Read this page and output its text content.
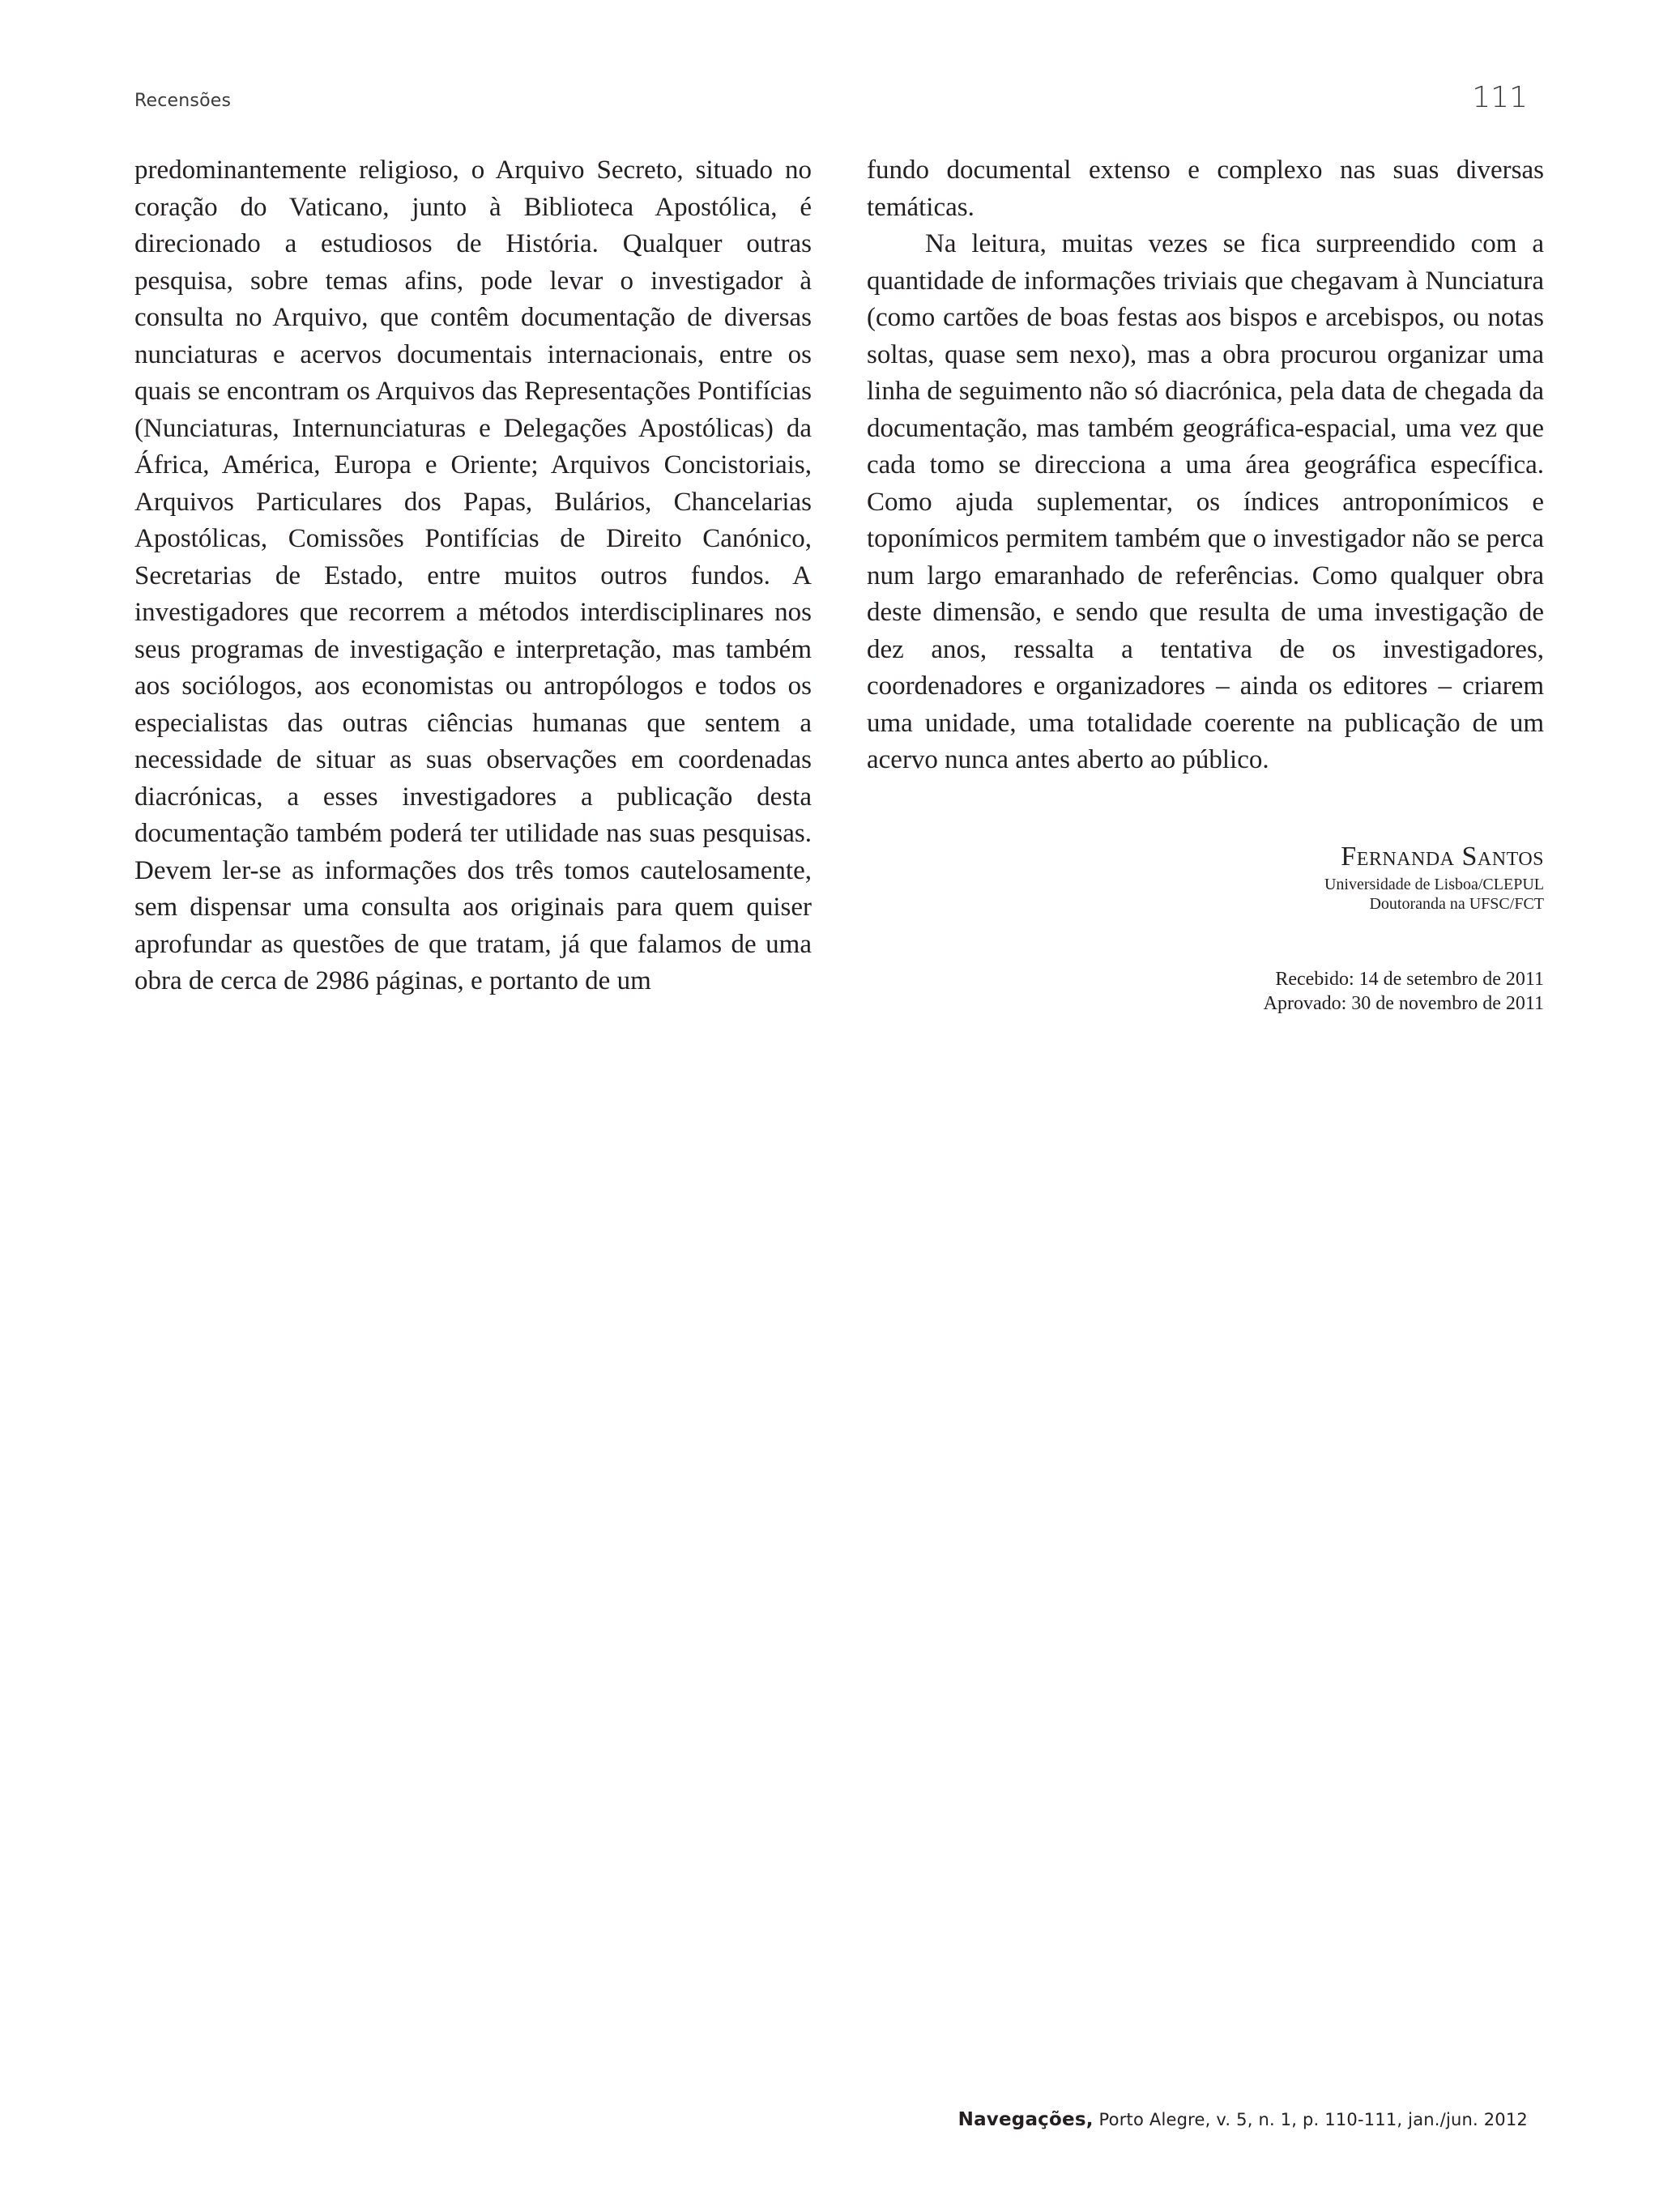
Recensões	111

predominantemente religioso, o Arquivo Secreto, situado no coração do Vaticano, junto à Biblioteca Apostólica, é direcionado a estudiosos de História. Qualquer outras pesquisa, sobre temas afins, pode levar o investigador à consulta no Arquivo, que contêm documentação de diversas nunciaturas e acervos documentais internacionais, entre os quais se encontram os Arquivos das Representações Pontifícias (Nunciaturas, Internunciaturas e Delegações Apostólicas) da África, América, Europa e Oriente; Arquivos Concistoriais, Arquivos Particulares dos Papas, Bulários, Chancelarias Apostólicas, Comissões Pontifícias de Direito Canónico, Secretarias de Estado, entre muitos outros fundos. A investigadores que recorrem a métodos interdisciplinares nos seus programas de investigação e interpretação, mas também aos sociólogos, aos economistas ou antropólogos e todos os especialistas das outras ciências humanas que sentem a necessidade de situar as suas observações em coordenadas diacrónicas, a esses investigadores a publicação desta documentação também poderá ter utilidade nas suas pesquisas. Devem ler-se as informações dos três tomos cautelosamente, sem dispensar uma consulta aos originais para quem quiser aprofundar as questões de que tratam, já que falamos de uma obra de cerca de 2986 páginas, e portanto de um

fundo documental extenso e complexo nas suas diversas temáticas.

Na leitura, muitas vezes se fica surpreendido com a quantidade de informações triviais que chegavam à Nunciatura (como cartões de boas festas aos bispos e arcebispos, ou notas soltas, quase sem nexo), mas a obra procurou organizar uma linha de seguimento não só diacrónica, pela data de chegada da documentação, mas também geográfica-espacial, uma vez que cada tomo se direcciona a uma área geográfica específica. Como ajuda suplementar, os índices antroponímicos e toponímicos permitem também que o investigador não se perca num largo emaranhado de referências. Como qualquer obra deste dimensão, e sendo que resulta de uma investigação de dez anos, ressalta a tentativa de os investigadores, coordenadores e organizadores – ainda os editores – criarem uma unidade, uma totalidade coerente na publicação de um acervo nunca antes aberto ao público.

Fernanda Santos
Universidade de Lisboa/CLEPUL
Doutoranda na UFSC/FCT
Recebido: 14 de setembro de 2011
Aprovado: 30 de novembro de 2011
Navegações, Porto Alegre, v. 5, n. 1, p. 110-111, jan./jun. 2012
